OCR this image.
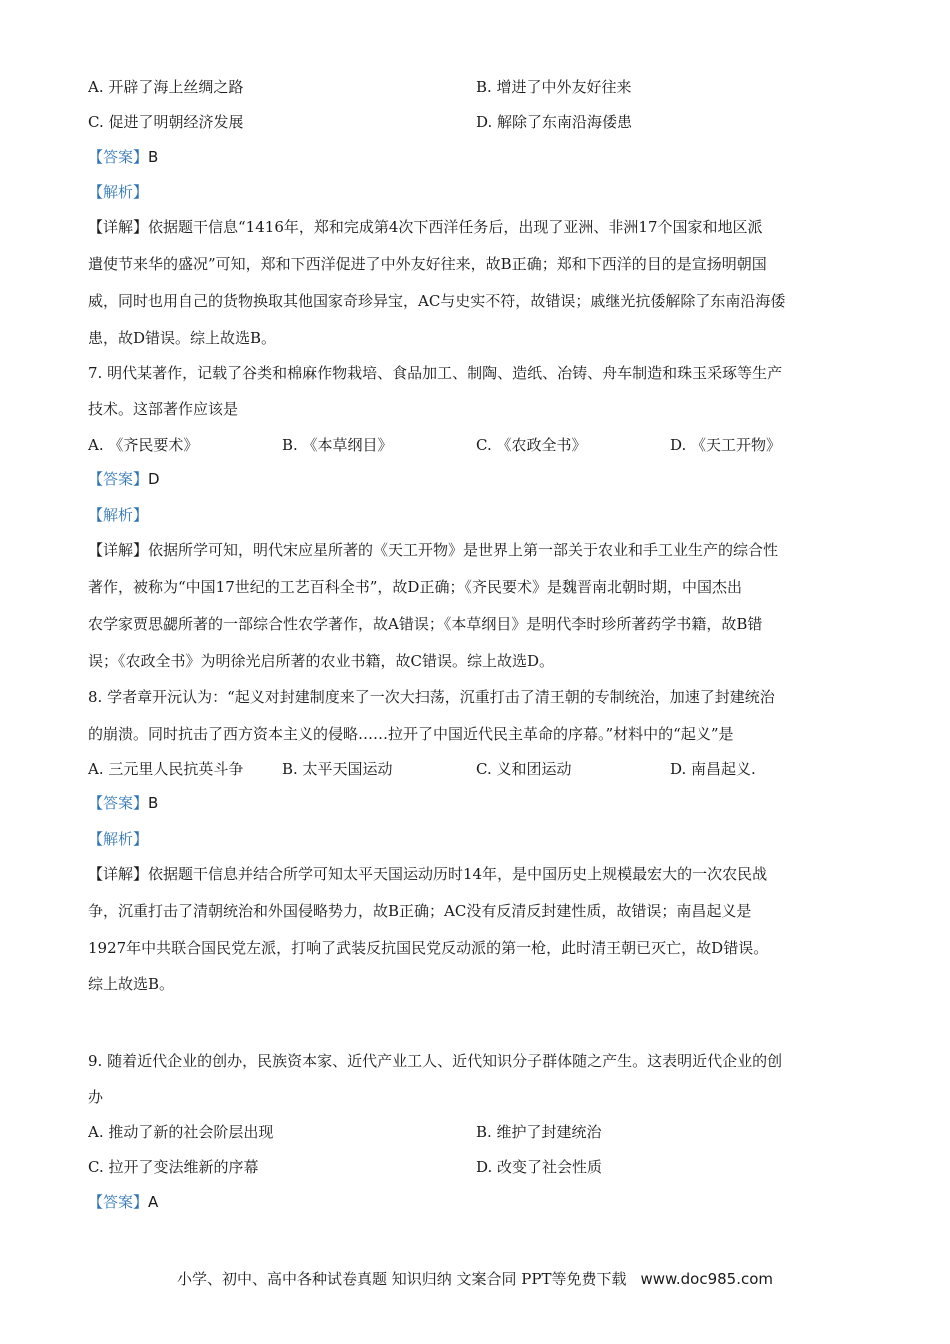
A. 开辟了海上丝绸之路	B. 增进了中外友好往来
C. 促进了明朝经济发展	D. 解除了东南沿海倭患
【答案】B
【解析】
【详解】依据题干信息“1416年，郑和完成第4次下西洋任务后，出现了亚洲、非洲17个国家和地区派
遣使节来华的盛况”可知，郑和下西洋促进了中外友好往来，故B正确；郑和下西洋的目的是宣扬明朝国
威，同时也用自己的货物换取其他国家奇珍异宝，AC与史实不符，故错误；戚继光抗倭解除了东南沿海倭
患，故D错误。综上故选B。
7. 明代某著作，记载了谷类和棉麻作物栽培、食品加工、制陶、造纸、冶铸、舟车制造和珠玉采琢等生产
技术。这部著作应该是
A. 《齐民要术》	B. 《本草纲目》	C. 《农政全书》	D. 《天工开物》
【答案】D
【解析】
【详解】依据所学可知，明代宋应星所著的《天工开物》是世界上第一部关于农业和手工业生产的综合性
著作，被称为“中国17世纪的工艺百科全书”，故D正确；《齐民要术》是魏晋南北朝时期，中国杰出
农学家贾思勰所著的一部综合性农学著作，故A错误；《本草纲目》是明代李时珍所著药学书籍，故B错
误；《农政全书》为明徐光启所著的农业书籍，故C错误。综上故选D。
8. 学者章开沅认为：“起义对封建制度来了一次大扫荡，沉重打击了清王朝的专制统治，加速了封建统治
的崩溃。同时抗击了西方资本主义的侵略……拉开了中国近代民主革命的序幕。”材料中的“起义”是
A. 三元里人民抗英斗争	B. 太平天国运动	C. 义和团运动	D. 南昌起义.
【答案】B
【解析】
【详解】依据题干信息并结合所学可知太平天国运动历时14年，是中国历史上规模最宏大的一次农民战
争，沉重打击了清朝统治和外国侵略势力，故B正确；AC没有反清反封建性质，故错误；南昌起义是
1927年中共联合国民党左派，打响了武装反抗国民党反动派的第一枪，此时清王朝已灭亡，故D错误。
综上故选B。
9. 随着近代企业的创办，民族资本家、近代产业工人、近代知识分子群体随之产生。这表明近代企业的创
办
A. 推动了新的社会阶层出现	B. 维护了封建统治
C. 拉开了变法维新的序幕	D. 改变了社会性质
【答案】A
小学、初中、高中各种试卷真题 知识归纳 文案合同 PPT等免费下载 www.doc985.com
